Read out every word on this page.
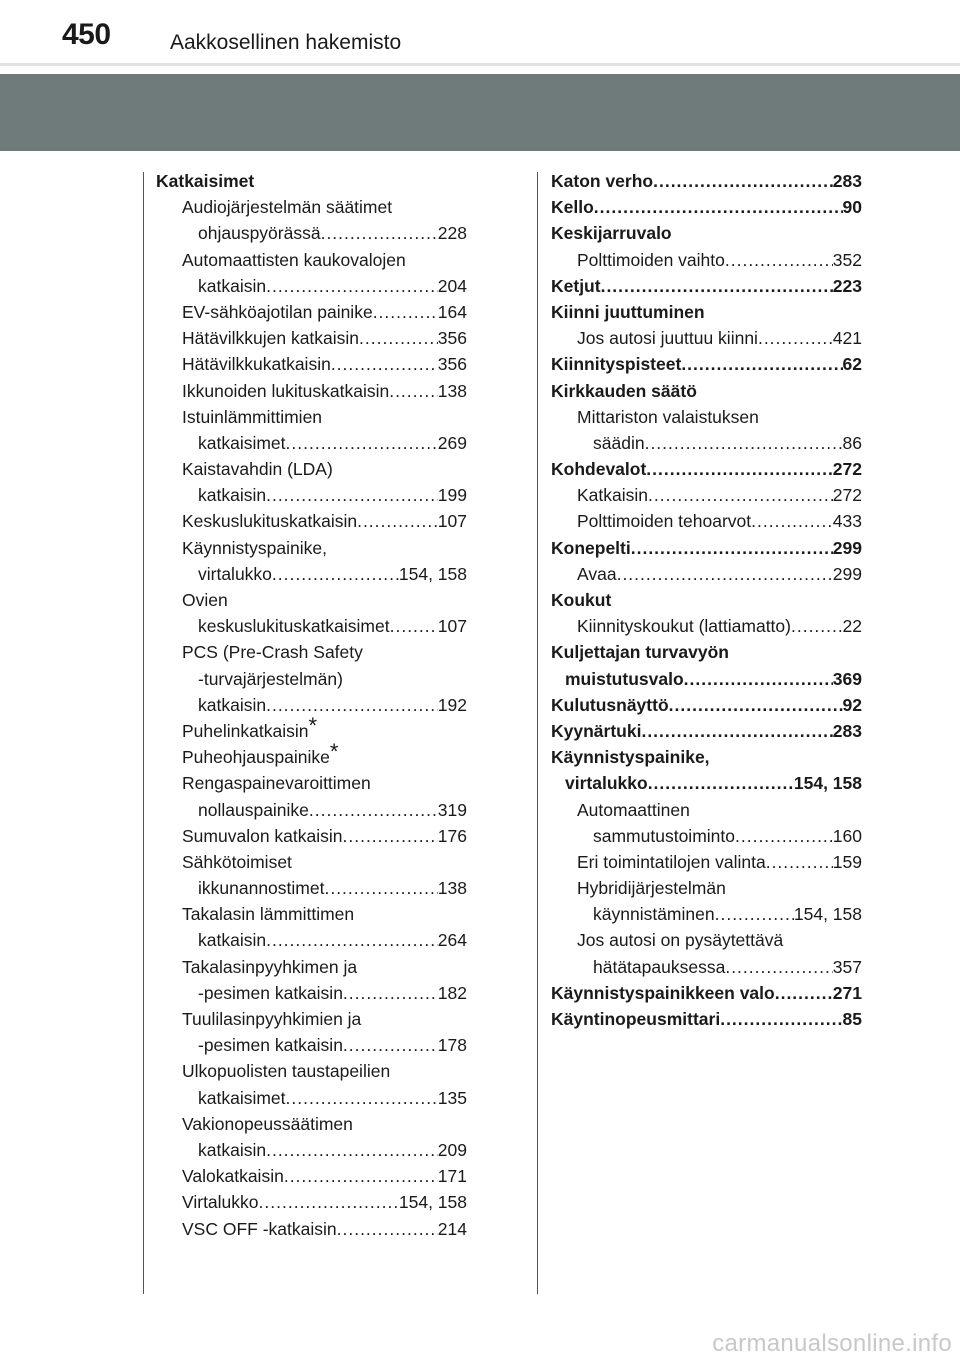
450	Aakkosellinen hakemisto
Katkaisimet
Audiojärjestelmän säätimet
ohjauspyörässä .....	228
Automaattisten kaukovalojen
katkaisin .....	204
EV-sähköajotilan painike .....	164
Hätävilkkujen katkaisin .....	356
Hätävilkkukatkaisin .....	356
Ikkunoiden lukituskatkaisin .....	138
Istuinlämmittimien
katkaisimet .....	269
Kaistavahdin (LDA)
katkaisin .....	199
Keskuslukituskatkaisin .....	107
Käynnistyspainike,
virtalukko .....	154, 158
Ovien
keskuslukituskatkaisimet .....	107
PCS (Pre-Crash Safety
-turvajärjestelmän)
katkaisin .....	192
Puhelinkatkaisin*
Puheohjauspainike*
Rengaspainevaroittimen
nollauspainike .....	319
Sumuvalon katkaisin .....	176
Sähkötoimiset
ikkunannostimet .....	138
Takalasin lämmittimen
katkaisin .....	264
Takalasinpyyhkimen ja
-pesimen katkaisin .....	182
Tuulilasinpyyhkimien ja
-pesimen katkaisin .....	178
Ulkopuolisten taustapeilien
katkaisimet .....	135
Vakionopeussäätimen
katkaisin .....	209
Valokatkaisin .....	171
Virtalukko .....	154, 158
VSC OFF -katkaisin .....	214
Katon verho .....	283
Kello .....	90
Keskijarruvalo
Polttimoiden vaihto .....	352
Ketjut .....	223
Kiinni juuttuminen
Jos autosi juuttuu kiinni .....	421
Kiinnityspisteet .....	62
Kirkkauden säätö
Mittariston valaistuksen
säädin .....	86
Kohdevalot .....	272
Katkaisin .....	272
Polttimoiden tehoarvot .....	433
Konepelti .....	299
Avaa .....	299
Koukut
Kiinnityskoukut (lattiamatto) .....	22
Kuljettajan turvavyön
muistutusvalo .....	369
Kulutusnäyttö .....	92
Kyynärtuki .....	283
Käynnistyspainike,
virtalukko .....	154, 158
Automaattinen
sammutustoiminto .....	160
Eri toimintatilojen valinta .....	159
Hybridijärjestelmän
käynnistäminen .....	154, 158
Jos autosi on pysäytettävä
hätätapauksessa .....	357
Käynnistyspainikkeen valo .....	271
Käyntinopeusmittari .....	85
carmanualsonline.info
